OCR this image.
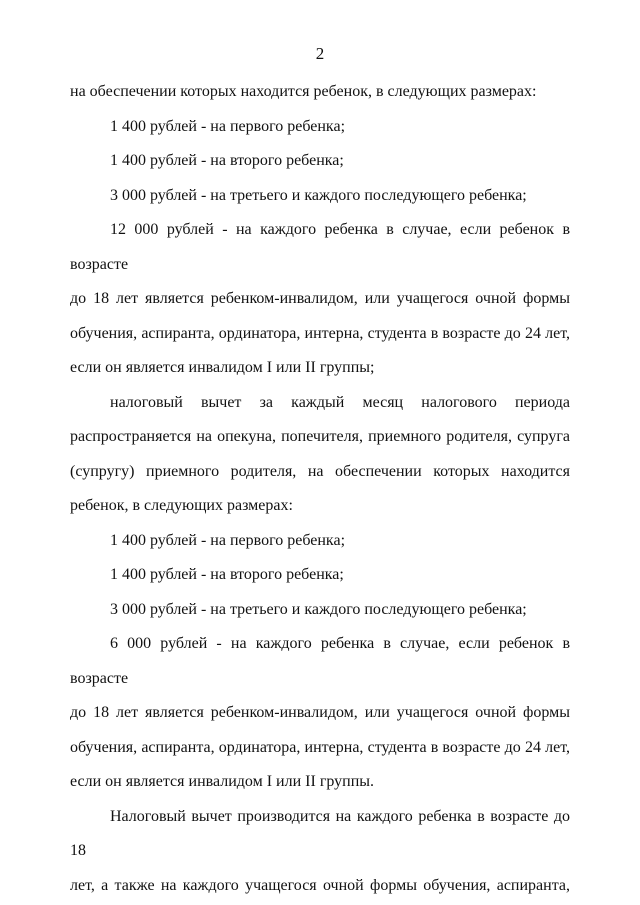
2
на обеспечении которых находится ребенок, в следующих размерах:
1 400 рублей - на первого ребенка;
1 400 рублей - на второго ребенка;
3 000 рублей - на третьего и каждого последующего ребенка;
12 000 рублей - на каждого ребенка в случае, если ребенок в возрасте
до 18 лет является ребенком-инвалидом, или учащегося очной формы
обучения, аспиранта, ординатора, интерна, студента в возрасте до 24 лет,
если он является инвалидом I или II группы;
налоговый вычет за каждый месяц налогового периода
распространяется на опекуна, попечителя, приемного родителя, супруга
(супругу) приемного родителя, на обеспечении которых находится
ребенок, в следующих размерах:
1 400 рублей - на первого ребенка;
1 400 рублей - на второго ребенка;
3 000 рублей - на третьего и каждого последующего ребенка;
6 000 рублей - на каждого ребенка в случае, если ребенок в возрасте
до 18 лет является ребенком-инвалидом, или учащегося очной формы
обучения, аспиранта, ординатора, интерна, студента в возрасте до 24 лет,
если он является инвалидом I или II группы.
Налоговый вычет производится на каждого ребенка в возрасте до 18
лет, а также на каждого учащегося очной формы обучения, аспиранта,
